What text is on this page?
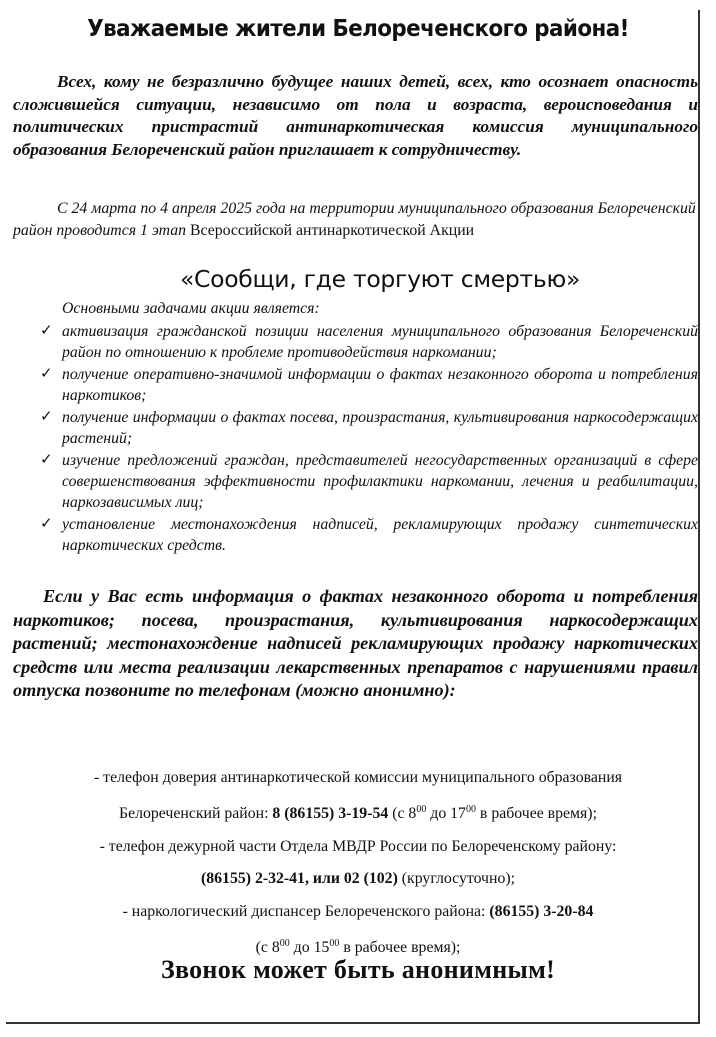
Уважаемые жители Белореченского района!
Всех, кому не безразлично будущее наших детей, всех, кто осознает опасность сложившейся ситуации, независимо от пола и возраста, вероисповедания и политических пристрастий антинаркотическая комиссия муниципального образования Белореченский район приглашает к сотрудничеству.
С 24 марта по 4 апреля 2025 года на территории муниципального образования Белореченский район проводится 1 этап Всероссийской антинаркотической Акции
«Сообщи, где торгуют смертью»
Основными задачами акции является:
✓ активизация гражданской позиции населения муниципального образования Белореченский район по отношению к проблеме противодействия наркомании;
✓ получение оперативно-значимой информации о фактах незаконного оборота и потребления наркотиков;
✓ получение информации о фактах посева, произрастания, культивирования наркосодержащих растений;
✓ изучение предложений граждан, представителей негосударственных организаций в сфере совершенствования эффективности профилактики наркомании, лечения и реабилитации, наркозависимых лиц;
✓ установление местонахождения надписей, рекламирующих продажу синтетических наркотических средств.
Если у Вас есть информация о фактах незаконного оборота и потребления наркотиков; посева, произрастания, культивирования наркосодержащих растений; местонахождение надписей рекламирующих продажу наркотических средств или места реализации лекарственных препаратов с нарушениями правил отпуска позвоните по телефонам (можно анонимно):
- телефон доверия антинаркотической комиссии муниципального образования
Белореченский район: 8 (86155) 3-19-54 (с $8^{00}$ до $17^{00}$ в рабочее время);
- телефон дежурной части Отдела МВДР России по Белореченскому району:
(86155) 2-32-41, или 02 (102) (круглосуточно);
- наркологический диспансер Белореченского района: (86155) 3-20-84
(с $8^{00}$ до $15^{00}$ в рабочее время);
Звонок может быть анонимным!
